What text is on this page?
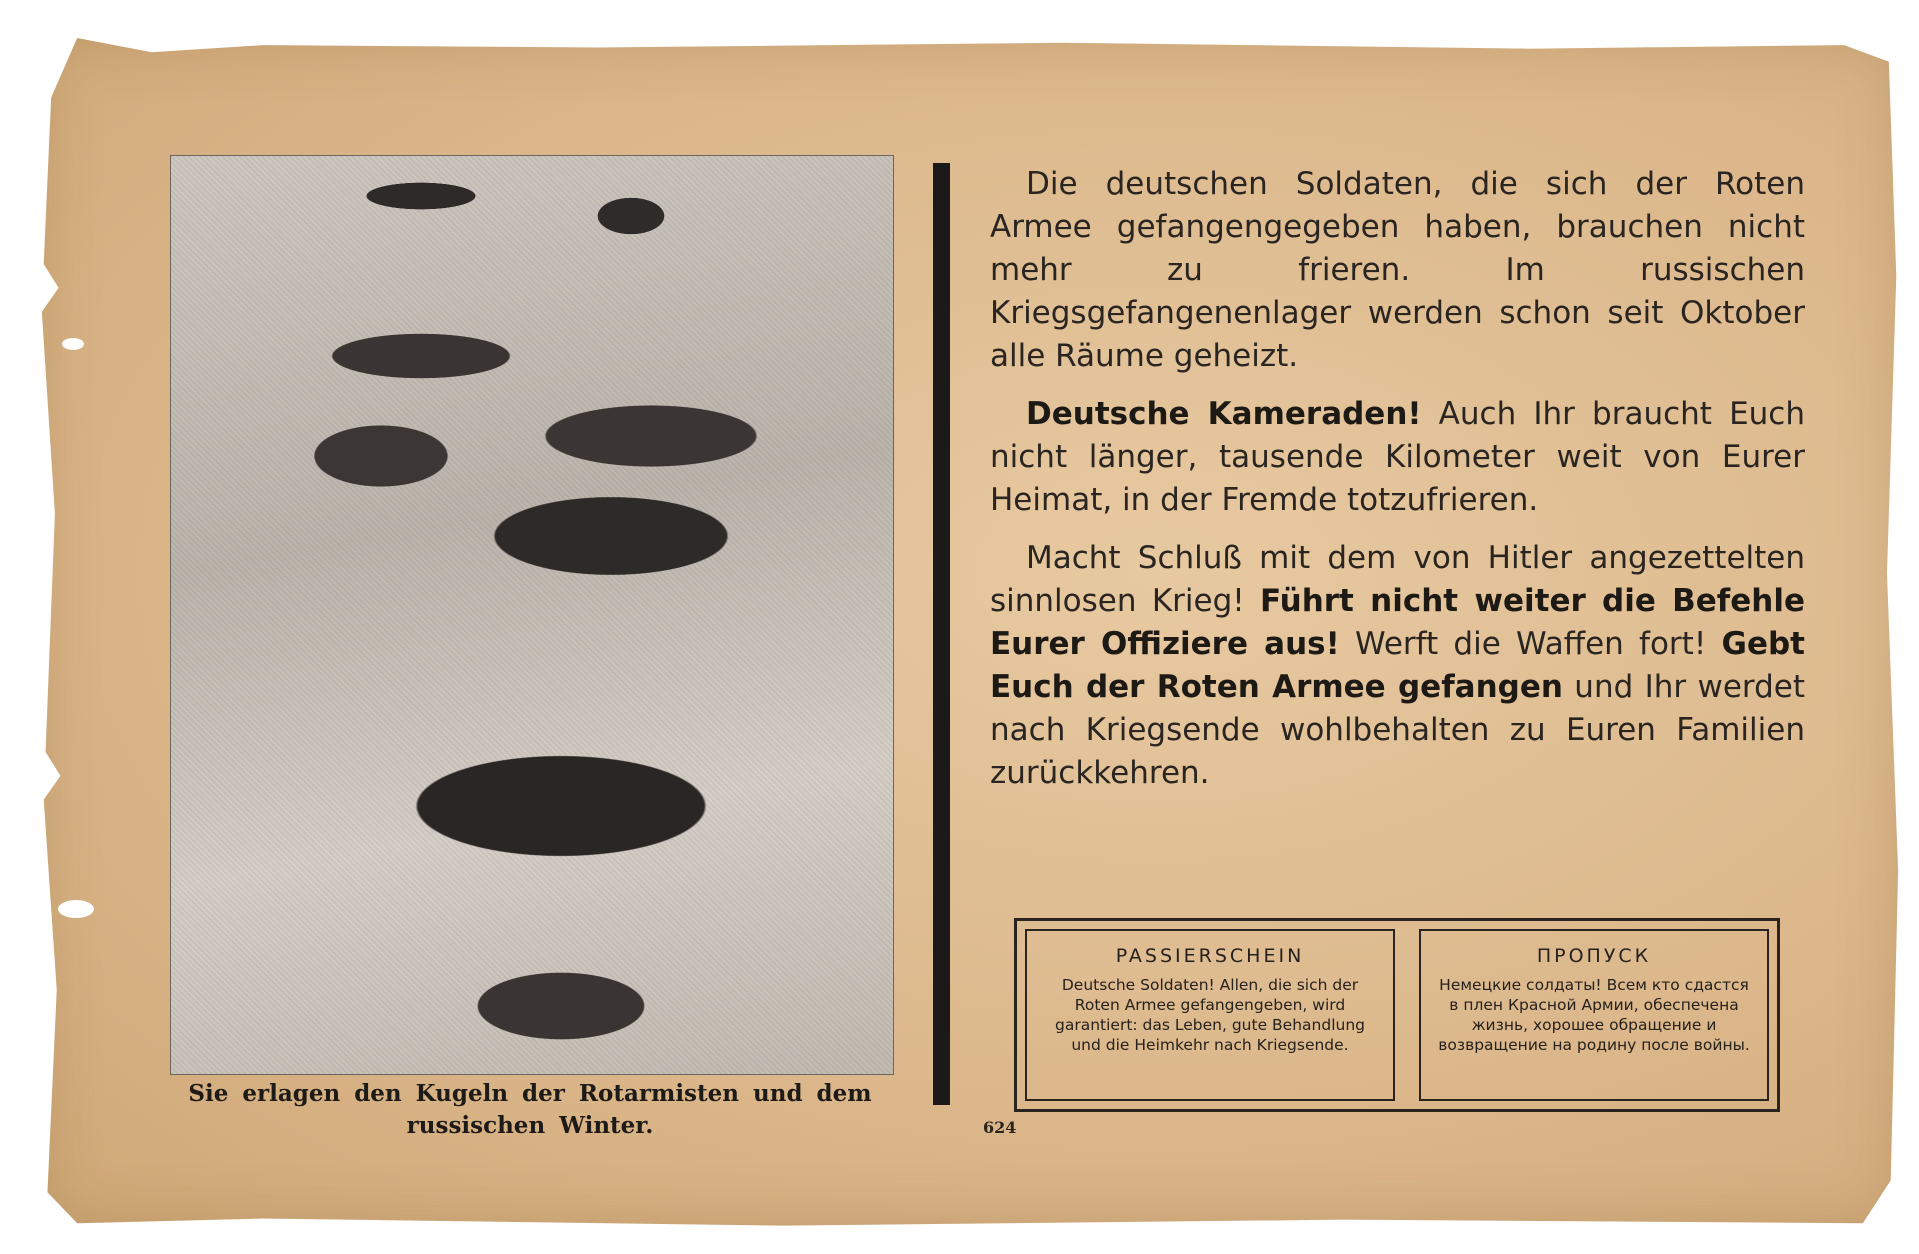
Sie erlagen den Kugeln der Rotarmisten und dem
russischen Winter.

Die deutschen Soldaten, die sich der Roten Armee gefangengegeben haben, brauchen nicht mehr zu frieren. Im russischen Kriegsgefangenenlager werden schon seit Oktober alle Räume geheizt.

Deutsche Kameraden! Auch Ihr braucht Euch nicht länger, tausende Kilometer weit von Eurer Heimat, in der Fremde totzufrieren.

Macht Schluß mit dem von Hitler angezettelten sinnlosen Krieg! Führt nicht weiter die Befehle Eurer Offiziere aus! Werft die Waffen fort! Gebt Euch der Roten Armee gefangen und Ihr werdet nach Kriegsende wohlbehalten zu Euren Familien zurückkehren.

PASSIERSCHEIN
Deutsche Soldaten! Allen, die sich der Roten Armee gefangengeben, wird garantiert: das Leben, gute Behandlung und die Heimkehr nach Kriegsende.
ПРОПУСК
Немецкие солдаты! Всем кто сдастся в плен Красной Армии, обеспечена жизнь, хорошее обращение и возвращение на родину после войны.
624
